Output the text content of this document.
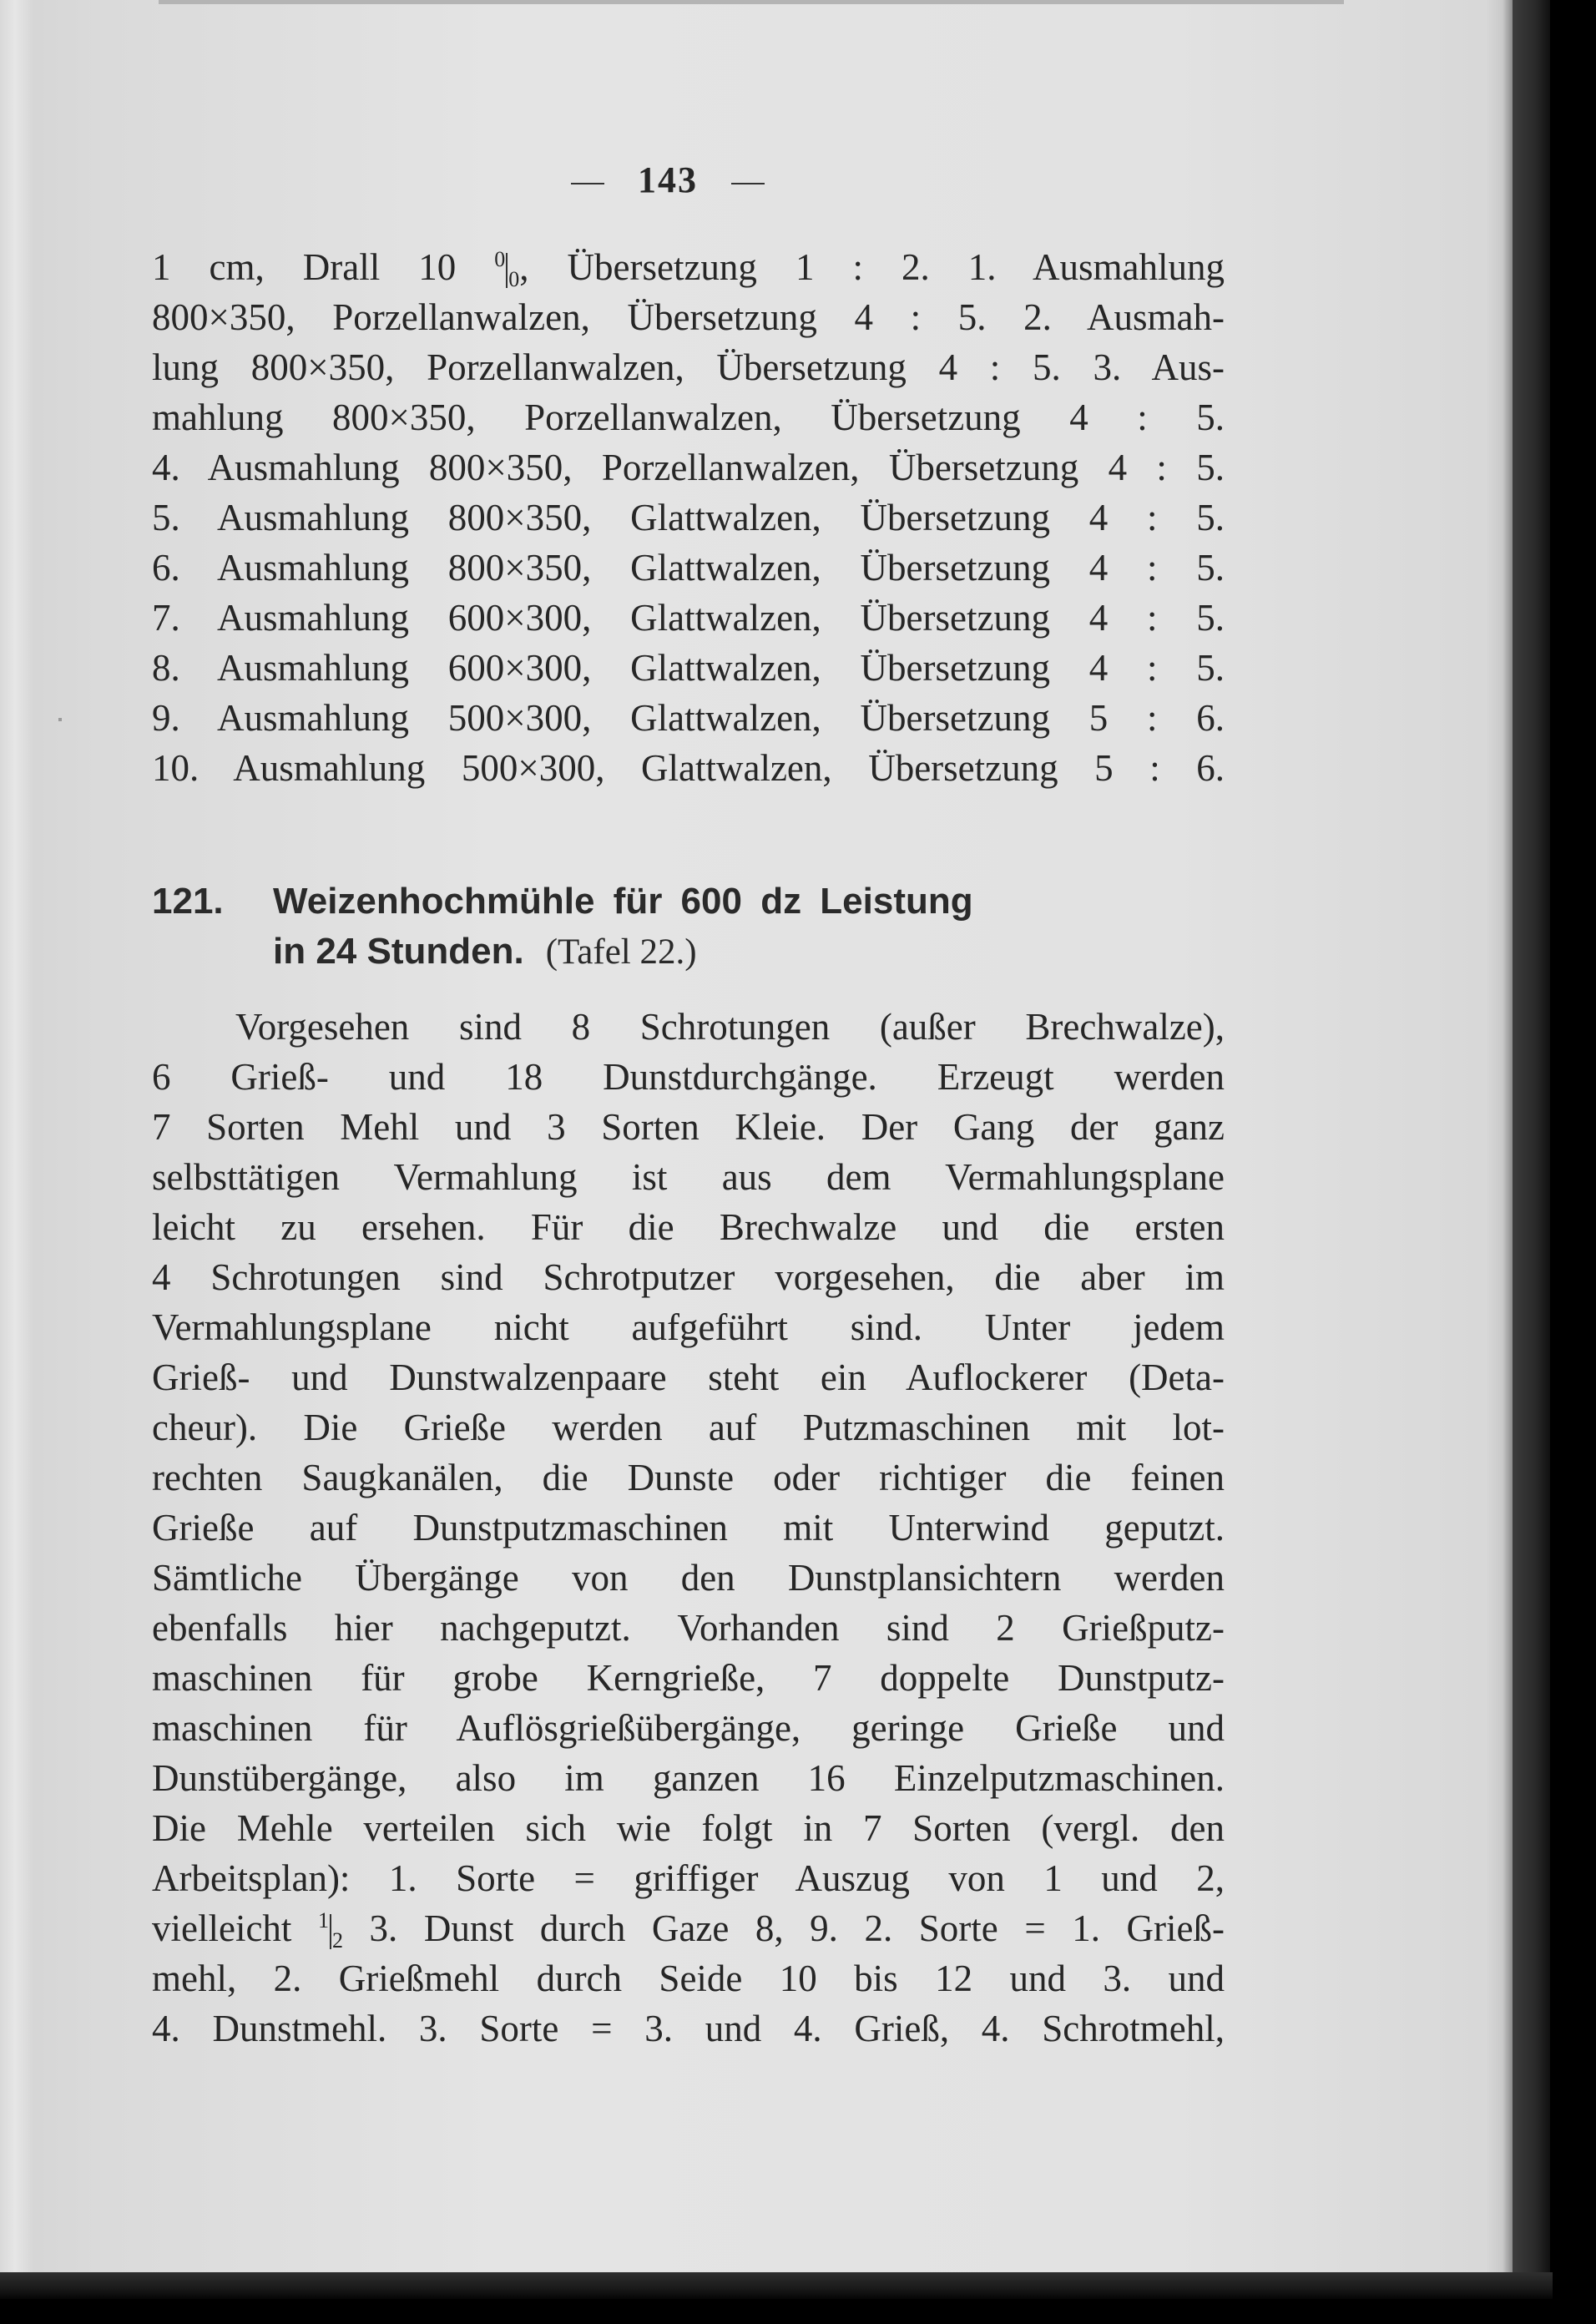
143
1 cm, Drall 10 00, Übersetzung 1 : 2. 1. Ausmahlung
800×350, Porzellanwalzen, Übersetzung 4 : 5. 2. Ausmah-
lung 800×350, Porzellanwalzen, Übersetzung 4 : 5. 3. Aus-
mahlung 800×350, Porzellanwalzen, Übersetzung 4 : 5.
4. Ausmahlung 800×350, Porzellanwalzen, Übersetzung 4 : 5.
5. Ausmahlung 800×350, Glattwalzen, Übersetzung 4 : 5.
6. Ausmahlung 800×350, Glattwalzen, Übersetzung 4 : 5.
7. Ausmahlung 600×300, Glattwalzen, Übersetzung 4 : 5.
8. Ausmahlung 600×300, Glattwalzen, Übersetzung 4 : 5.
9. Ausmahlung 500×300, Glattwalzen, Übersetzung 5 : 6.
10. Ausmahlung 500×300, Glattwalzen, Übersetzung 5 : 6.
121. Weizenhochmühle für 600 dz Leistung
in 24 Stunden. (Tafel 22.)
Vorgesehen sind 8 Schrotungen (außer Brechwalze),
6 Grieß- und 18 Dunstdurchgänge. Erzeugt werden
7 Sorten Mehl und 3 Sorten Kleie. Der Gang der ganz
selbsttätigen Vermahlung ist aus dem Vermahlungsplane
leicht zu ersehen. Für die Brechwalze und die ersten
4 Schrotungen sind Schrotputzer vorgesehen, die aber im
Vermahlungsplane nicht aufgeführt sind. Unter jedem
Grieß- und Dunstwalzenpaare steht ein Auflockerer (Deta-
cheur). Die Grieße werden auf Putzmaschinen mit lot-
rechten Saugkanälen, die Dunste oder richtiger die feinen
Grieße auf Dunstputzmaschinen mit Unterwind geputzt.
Sämtliche Übergänge von den Dunstplansichtern werden
ebenfalls hier nachgeputzt. Vorhanden sind 2 Grießputz-
maschinen für grobe Kerngrieße, 7 doppelte Dunstputz-
maschinen für Auflösgrießübergänge, geringe Grieße und
Dunstübergänge, also im ganzen 16 Einzelputzmaschinen.
Die Mehle verteilen sich wie folgt in 7 Sorten (vergl. den
Arbeitsplan): 1. Sorte = griffiger Auszug von 1 und 2,
vielleicht 12 3. Dunst durch Gaze 8, 9. 2. Sorte = 1. Grieß-
mehl, 2. Grießmehl durch Seide 10 bis 12 und 3. und
4. Dunstmehl. 3. Sorte = 3. und 4. Grieß, 4. Schrotmehl,
